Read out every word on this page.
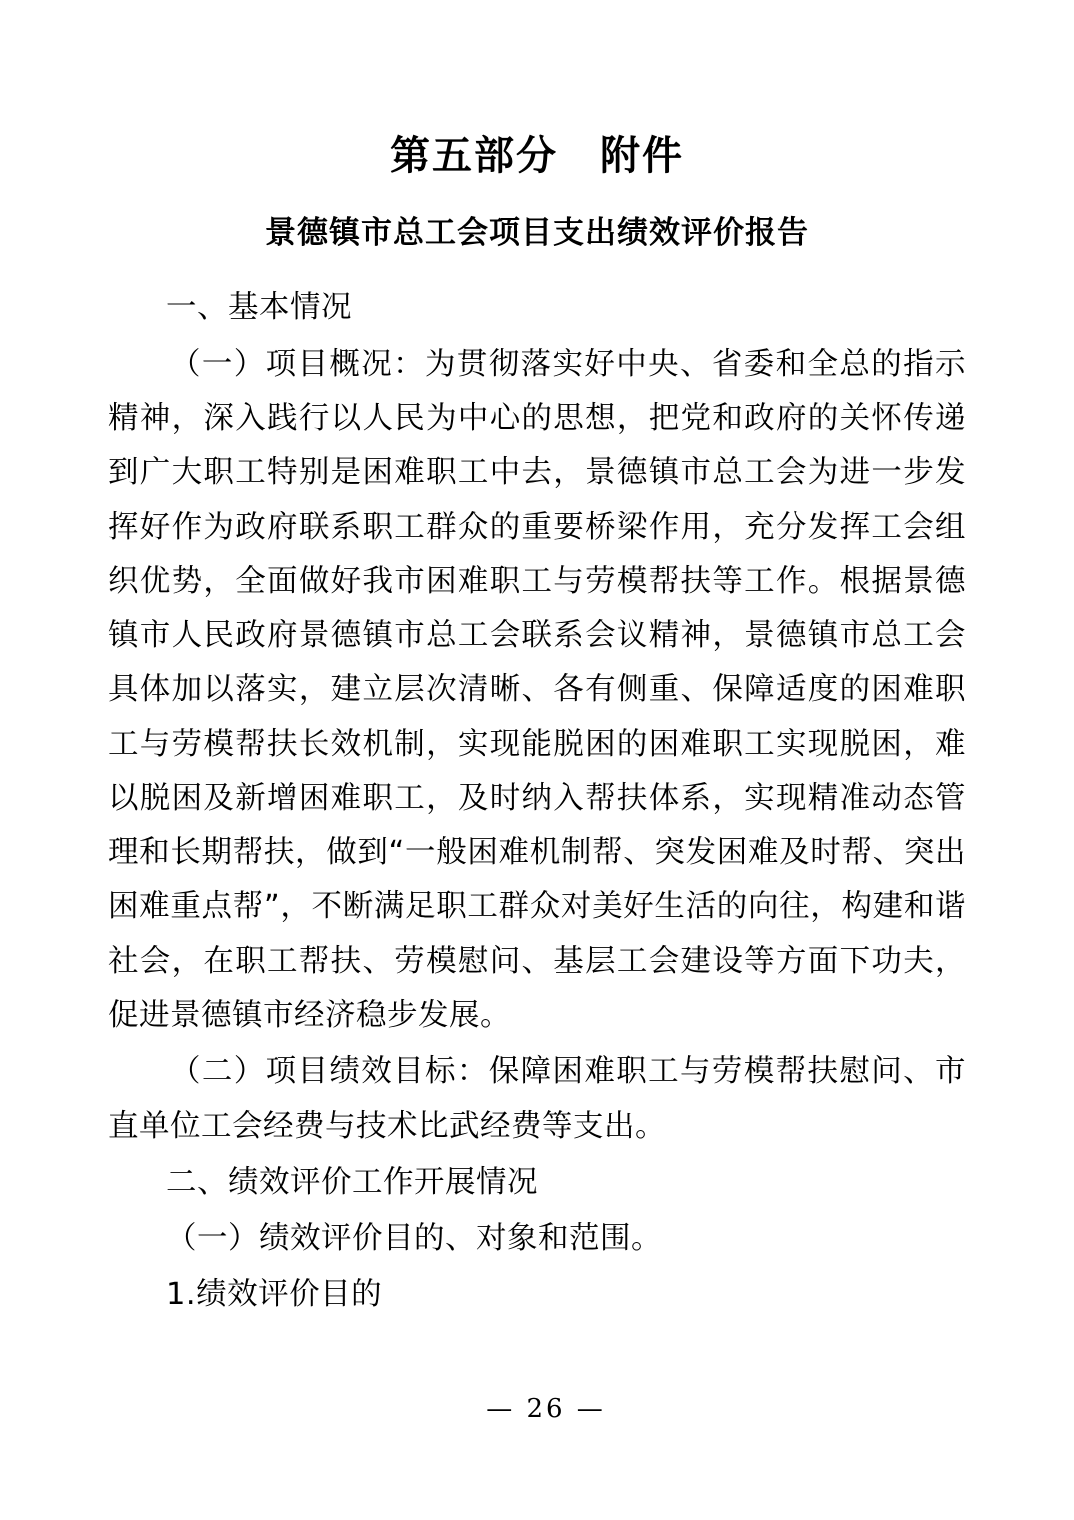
第五部分 附件
景德镇市总工会项目支出绩效评价报告

一、基本情况

（一）项目概况：为贯彻落实好中央、省委和全总的指示精神，深入践行以人民为中心的思想，把党和政府的关怀传递到广大职工特别是困难职工中去，景德镇市总工会为进一步发挥好作为政府联系职工群众的重要桥梁作用，充分发挥工会组织优势，全面做好我市困难职工与劳模帮扶等工作。根据景德镇市人民政府景德镇市总工会联系会议精神，景德镇市总工会具体加以落实，建立层次清晰、各有侧重、保障适度的困难职工与劳模帮扶长效机制，实现能脱困的困难职工实现脱困，难以脱困及新增困难职工，及时纳入帮扶体系，实现精准动态管理和长期帮扶，做到“一般困难机制帮、突发困难及时帮、突出困难重点帮”，不断满足职工群众对美好生活的向往，构建和谐社会，在职工帮扶、劳模慰问、基层工会建设等方面下功夫，促进景德镇市经济稳步发展。

（二）项目绩效目标：保障困难职工与劳模帮扶慰问、市直单位工会经费与技术比武经费等支出。

二、绩效评价工作开展情况

（一）绩效评价目的、对象和范围。

1.绩效评价目的

— 26 —
